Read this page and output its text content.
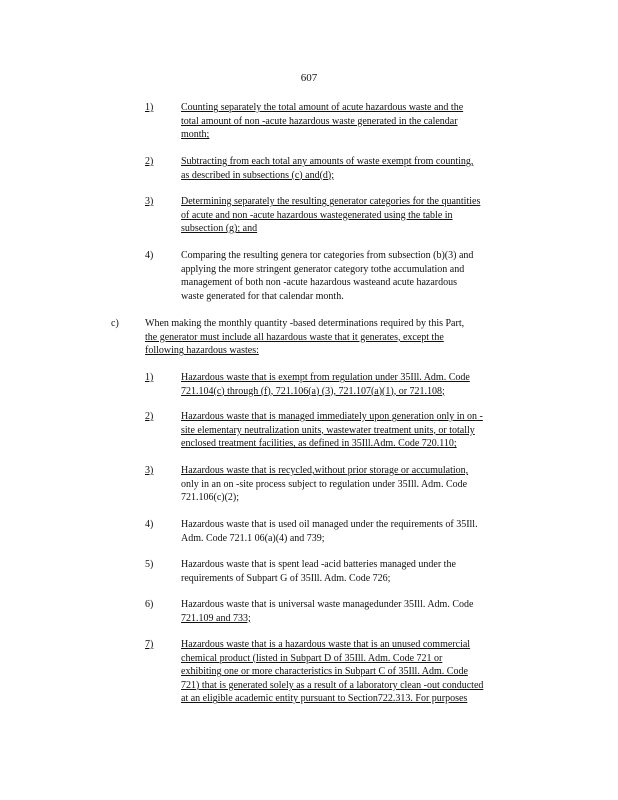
607
1)	Counting separately the total amount of acute hazardous waste and the
total amount of non -acute hazardous waste generated in the calendar
month;
2)	Subtracting from each total any amounts of waste exempt from counting,
as described in subsections (c) and(d);
3)	Determining separately the resulting generator categories for the quantities
of acute and non -acute hazardous wastegenerated using the table in
subsection (g); and
4)	Comparing the resulting genera tor categories from subsection (b)(3) and
applying the more stringent generator category tothe accumulation and
management of both non -acute hazardous wasteand acute hazardous
waste generated for that calendar month.
c)	When making the monthly quantity -based determinations required by this Part,
the generator must include all hazardous waste that it generates, except the
following hazardous wastes:
1)	Hazardous waste that is exempt from regulation under 35Ill. Adm. Code
721.104(c) through (f), 721.106(a) (3), 721.107(a)(1), or 721.108;
2)	Hazardous waste that is managed immediately upon generation only in on -
site elementary neutralization units, wastewater treatment units, or totally
enclosed treatment facilities, as defined in 35Ill.Adm. Code 720.110;
3)	Hazardous waste that is recycled,without prior storage or accumulation,
only in an on -site process subject to regulation under 35Ill. Adm. Code
721.106(c)(2);
4)	Hazardous waste that is used oil managed under the requirements of 35Ill.
Adm. Code 721.1 06(a)(4) and 739;
5)	Hazardous waste that is spent lead -acid batteries managed under the
requirements of Subpart G of 35Ill. Adm. Code 726;
6)	Hazardous waste that is universal waste managedunder 35Ill. Adm. Code
721.109 and 733;
7)	Hazardous waste that is a hazardous waste that is an unused commercial
chemical product (listed in Subpart D of 35Ill. Adm. Code 721 or
exhibiting one or more characteristics in Subpart C of 35Ill. Adm. Code
721) that is generated solely as a result of a laboratory clean -out conducted
at an eligible academic entity pursuant to Section722.313. For purposes
